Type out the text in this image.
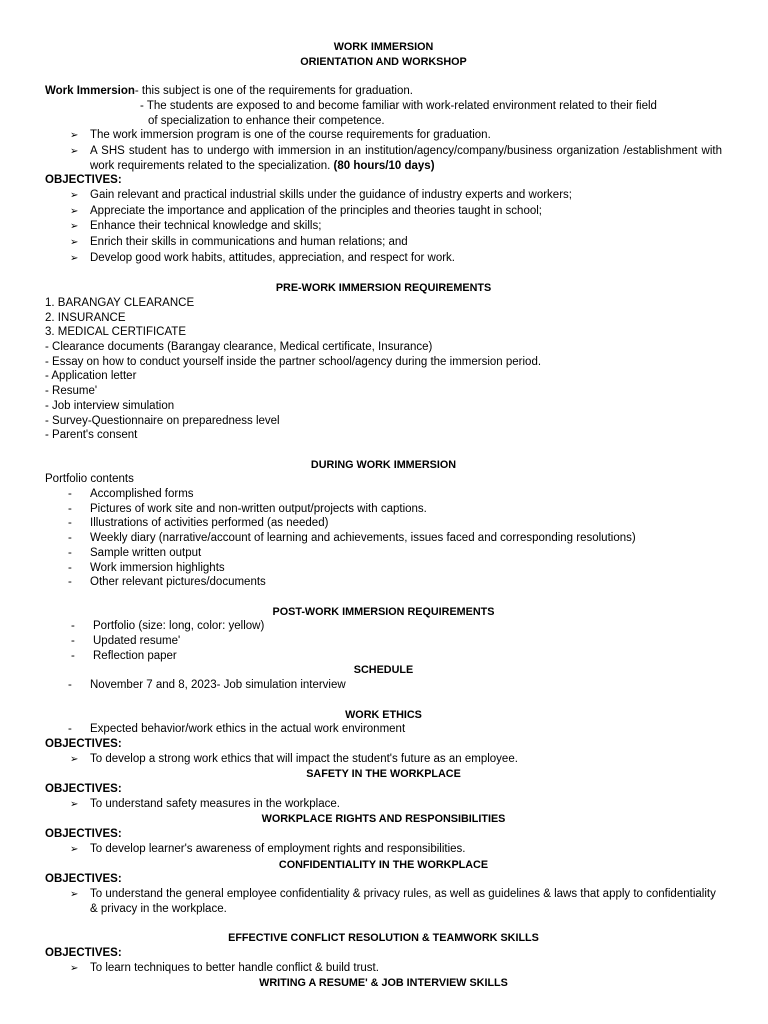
WORK IMMERSION
ORIENTATION AND WORKSHOP
Work Immersion- this subject is one of the requirements for graduation.
- The students are exposed to and become familiar with work-related environment related to their field
of specialization to enhance their competence.
➢	The work immersion program is one of the course requirements for graduation.
➢	A SHS student has to undergo with immersion in an institution/agency/company/business organization /establishment with work requirements related to the specialization. (80 hours/10 days)
OBJECTIVES:
➢	Gain relevant and practical industrial skills under the guidance of industry experts and workers;
➢	Appreciate the importance and application of the principles and theories taught in school;
➢	Enhance their technical knowledge and skills;
➢	Enrich their skills in communications and human relations; and
➢	Develop good work habits, attitudes, appreciation, and respect for work.
PRE-WORK IMMERSION REQUIREMENTS
1. BARANGAY CLEARANCE
2. INSURANCE
3. MEDICAL CERTIFICATE
- Clearance documents (Barangay clearance, Medical certificate, Insurance)
- Essay on how to conduct yourself inside the partner school/agency during the immersion period.
- Application letter
- Resume'
- Job interview simulation
- Survey-Questionnaire on preparedness level
- Parent's consent
DURING WORK IMMERSION
Portfolio contents
-	Accomplished forms
-	Pictures of work site and non-written output/projects with captions.
-	Illustrations of activities performed (as needed)
-	Weekly diary (narrative/account of learning and achievements, issues faced and corresponding resolutions)
-	Sample written output
-	Work immersion highlights
-	Other relevant pictures/documents
POST-WORK IMMERSION REQUIREMENTS
-	Portfolio (size: long, color: yellow)
-	Updated resume'
-	Reflection paper
SCHEDULE
-	November 7 and 8, 2023- Job simulation interview
WORK ETHICS
-	Expected behavior/work ethics in the actual work environment
OBJECTIVES:
➢	To develop a strong work ethics that will impact the student's future as an employee.
SAFETY IN THE WORKPLACE
OBJECTIVES:
➢	To understand safety measures in the workplace.
WORKPLACE RIGHTS AND RESPONSIBILITIES
OBJECTIVES:
➢	To develop learner's awareness of employment rights and responsibilities.
CONFIDENTIALITY IN THE WORKPLACE
OBJECTIVES:
➢	To understand the general employee confidentiality & privacy rules, as well as guidelines & laws that apply to confidentiality & privacy in the workplace.
EFFECTIVE CONFLICT RESOLUTION & TEAMWORK SKILLS
OBJECTIVES:
➢	To learn techniques to better handle conflict & build trust.
WRITING A RESUME' & JOB INTERVIEW SKILLS
